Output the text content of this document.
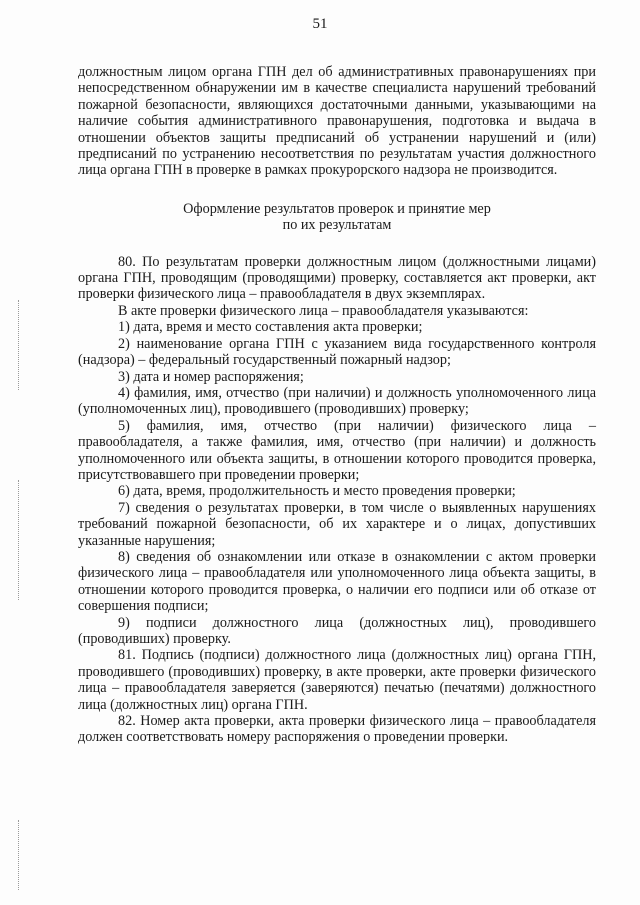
51

должностным лицом органа ГПН дел об административных правонарушениях при непосредственном обнаружении им в качестве специалиста нарушений требований пожарной безопасности, являющихся достаточными данными, указывающими на наличие события административного правонарушения, подготовка и выдача в отношении объектов защиты предписаний об устранении нарушений и (или) предписаний по устранению несоответствия по результатам участия должностного лица органа ГПН в проверке в рамках прокурорского надзора не производится.

Оформление результатов проверок и принятие мер
по их результатам

80. По результатам проверки должностным лицом (должностными лицами) органа ГПН, проводящим (проводящими) проверку, составляется акт проверки, акт проверки физического лица – правообладателя в двух экземплярах.

В акте проверки физического лица – правообладателя указываются:

1) дата, время и место составления акта проверки;

2) наименование органа ГПН с указанием вида государственного контроля (надзора) – федеральный государственный пожарный надзор;

3) дата и номер распоряжения;

4) фамилия, имя, отчество (при наличии) и должность уполномоченного лица (уполномоченных лиц), проводившего (проводивших) проверку;

5) фамилия, имя, отчество (при наличии) физического лица – правообладателя, а также фамилия, имя, отчество (при наличии) и должность уполномоченного или объекта защиты, в отношении которого проводится проверка, присутствовавшего при проведении проверки;

6) дата, время, продолжительность и место проведения проверки;

7) сведения о результатах проверки, в том числе о выявленных нарушениях требований пожарной безопасности, об их характере и о лицах, допустивших указанные нарушения;

8) сведения об ознакомлении или отказе в ознакомлении с актом проверки физического лица – правообладателя или уполномоченного лица объекта защиты, в отношении которого проводится проверка, о наличии его подписи или об отказе от совершения подписи;

9) подписи должностного лица (должностных лиц), проводившего (проводивших) проверку.

81. Подпись (подписи) должностного лица (должностных лиц) органа ГПН, проводившего (проводивших) проверку, в акте проверки, акте проверки физического лица – правообладателя заверяется (заверяются) печатью (печатями) должностного лица (должностных лиц) органа ГПН.

82. Номер акта проверки, акта проверки физического лица – правообладателя должен соответствовать номеру распоряжения о проведении проверки.
